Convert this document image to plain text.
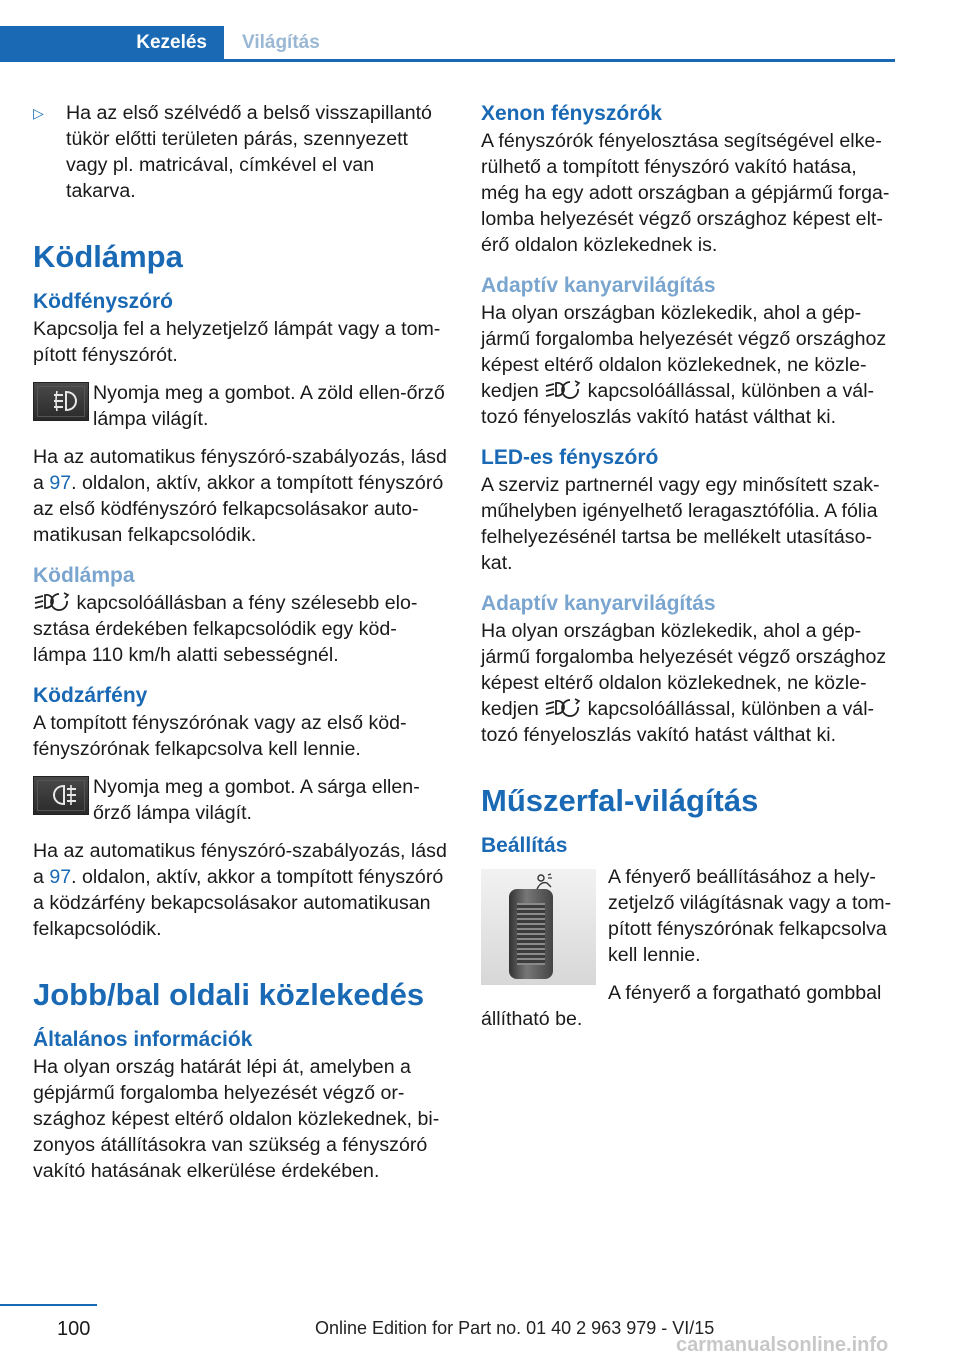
Kezelés Világítás

▷ Ha az első szélvédő a belső visszapillantó tükör előtti területen párás, szennyezett vagy pl. matricával, címkével el van takarva.

Ködlámpa
Ködfényszóró

Kapcsolja fel a helyzetjelző lámpát vagy a tom-pított fényszórót.

Nyomja meg a gombot. A zöld ellen-őrző lámpa világít.

Ha az automatikus fényszóró-szabályozás, lásd a 97. oldalon, aktív, akkor a tompított fényszóró az első ködfényszóró felkapcsolásakor auto-matikusan felkapcsolódik.

Ködlámpa

kapcsolóállásban a fény szélesebb elo-sztása érdekében felkapcsolódik egy köd-lámpa 110 km/h alatti sebességnél.

Ködzárfény

A tompított fényszórónak vagy az első köd-fényszórónak felkapcsolva kell lennie.

Nyomja meg a gombot. A sárga ellen-őrző lámpa világít.

Ha az automatikus fényszóró-szabályozás, lásd a 97. oldalon, aktív, akkor a tompított fényszóró a ködzárfény bekapcsolásakor automatikusan felkapcsolódik.

Jobb/bal oldali közlekedés
Általános információk

Ha olyan ország határát lépi át, amelyben a gépjármű forgalomba helyezését végző or-szághoz képest eltérő oldalon közlekednek, bi-zonyos átállításokra van szükség a fényszóró vakító hatásának elkerülése érdekében.

Xenon fényszórók

A fényszórók fényelosztása segítségével elke-rülhető a tompított fényszóró vakító hatása, még ha egy adott országban a gépjármű forga-lomba helyezését végző országhoz képest elt-érő oldalon közlekednek is.

Adaptív kanyarvilágítás

Ha olyan országban közlekedik, ahol a gép-jármű forgalomba helyezését végző országhoz képest eltérő oldalon közlekednek, ne közle-kedjen  kapcsolóállással, különben a vál-tozó fényeloszlás vakító hatást válthat ki.

LED-es fényszóró

A szerviz partnernél vagy egy minősített szak-műhelyben igényelhető leragasztófólia. A fólia felhelyezésénél tartsa be mellékelt utasításo-kat.

Adaptív kanyarvilágítás

Ha olyan országban közlekedik, ahol a gép-jármű forgalomba helyezését végző országhoz képest eltérő oldalon közlekednek, ne közle-kedjen  kapcsolóállással, különben a vál-tozó fényeloszlás vakító hatást válthat ki.

Műszerfal-világítás
Beállítás

A fényerő beállításához a hely-zetjelző világításnak vagy a tom-pított fényszórónak felkapcsolva kell lennie.

A fényerő a forgatható gombbal állítható be.

100	Online Edition for Part no. 01 40 2 963 979 - VI/15
carmanualsonline.info
